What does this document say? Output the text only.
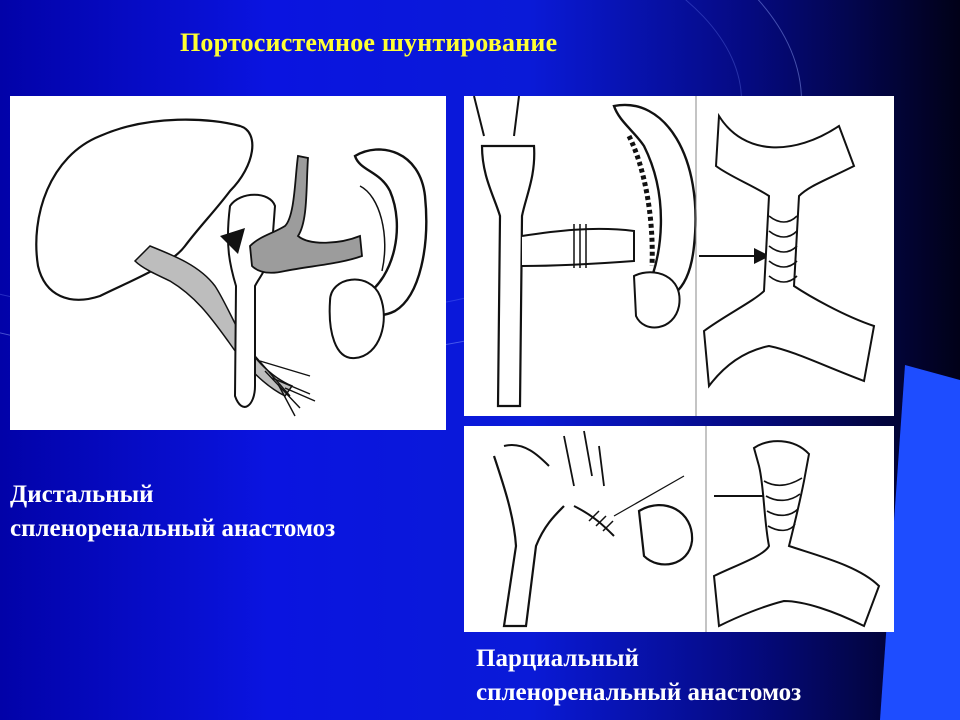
Портосистемное шунтирование
Дистальный
спленоренальный анастомоз
Парциальный
спленоренальный анастомоз
